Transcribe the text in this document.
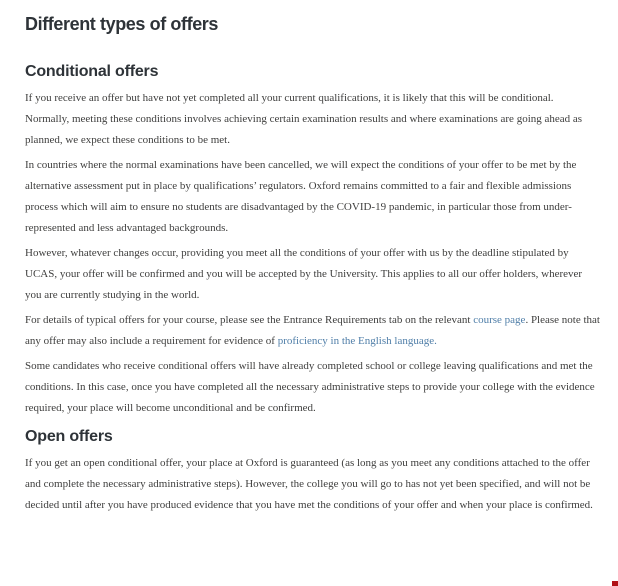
Different types of offers
Conditional offers

If you receive an offer but have not yet completed all your current qualifications, it is likely that this will be conditional. Normally, meeting these conditions involves achieving certain examination results and where examinations are going ahead as planned, we expect these conditions to be met.

In countries where the normal examinations have been cancelled, we will expect the conditions of your offer to be met by the alternative assessment put in place by qualifications’ regulators. Oxford remains committed to a fair and flexible admissions process which will aim to ensure no students are disadvantaged by the COVID-19 pandemic, in particular those from under-represented and less advantaged backgrounds.

However, whatever changes occur, providing you meet all the conditions of your offer with us by the deadline stipulated by UCAS, your offer will be confirmed and you will be accepted by the University. This applies to all our offer holders, wherever you are currently studying in the world.

For details of typical offers for your course, please see the Entrance Requirements tab on the relevant course page. Please note that any offer may also include a requirement for evidence of proficiency in the English language.

Some candidates who receive conditional offers will have already completed school or college leaving qualifications and met the conditions. In this case, once you have completed all the necessary administrative steps to provide your college with the evidence required, your place will become unconditional and be confirmed.

Open offers

If you get an open conditional offer, your place at Oxford is guaranteed (as long as you meet any conditions attached to the offer and complete the necessary administrative steps). However, the college you will go to has not yet been specified, and will not be decided until after you have produced evidence that you have met the conditions of your offer and when your place is confirmed.
